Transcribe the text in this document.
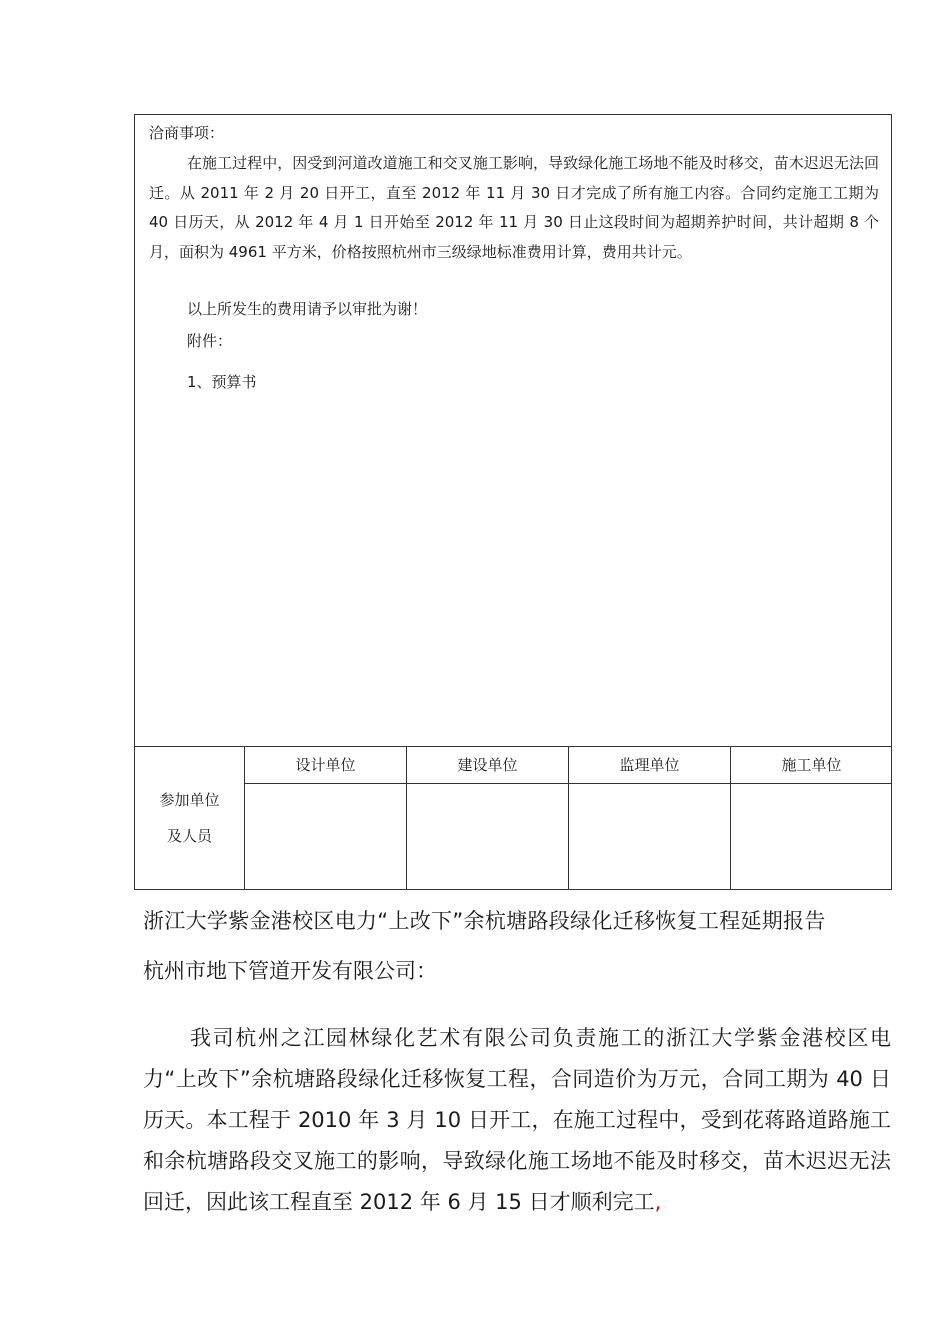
洽商事项：

在施工过程中，因受到河道改道施工和交叉施工影响，导致绿化施工场地不能及时移交，苗木迟迟无法回迁。从 2011 年 2 月 20 日开工，直至 2012 年 11 月 30 日才完成了所有施工内容。合同约定施工工期为 40 日历天，从 2012 年 4 月 1 日开始至 2012 年 11 月 30 日止这段时间为超期养护时间，共计超期 8 个月，面积为 4961 平方米，价格按照杭州市三级绿地标准费用计算，费用共计元。

以上所发生的费用请予以审批为谢！
附件：
1、预算书
参加单位
及人员
设计单位	建设单位	监理单位	施工单位
浙江大学紫金港校区电力“上改下”余杭塘路段绿化迁移恢复工程延期报告
杭州市地下管道开发有限公司：

我司杭州之江园林绿化艺术有限公司负责施工的浙江大学紫金港校区电力“上改下”余杭塘路段绿化迁移恢复工程，合同造价为万元，合同工期为 40 日历天。本工程于 2010 年 3 月 10 日开工，在施工过程中，受到花蒋路道路施工和余杭塘路段交叉施工的影响，导致绿化施工场地不能及时移交，苗木迟迟无法回迁，因此该工程直至 2012 年 6 月 15 日才顺利完工,
